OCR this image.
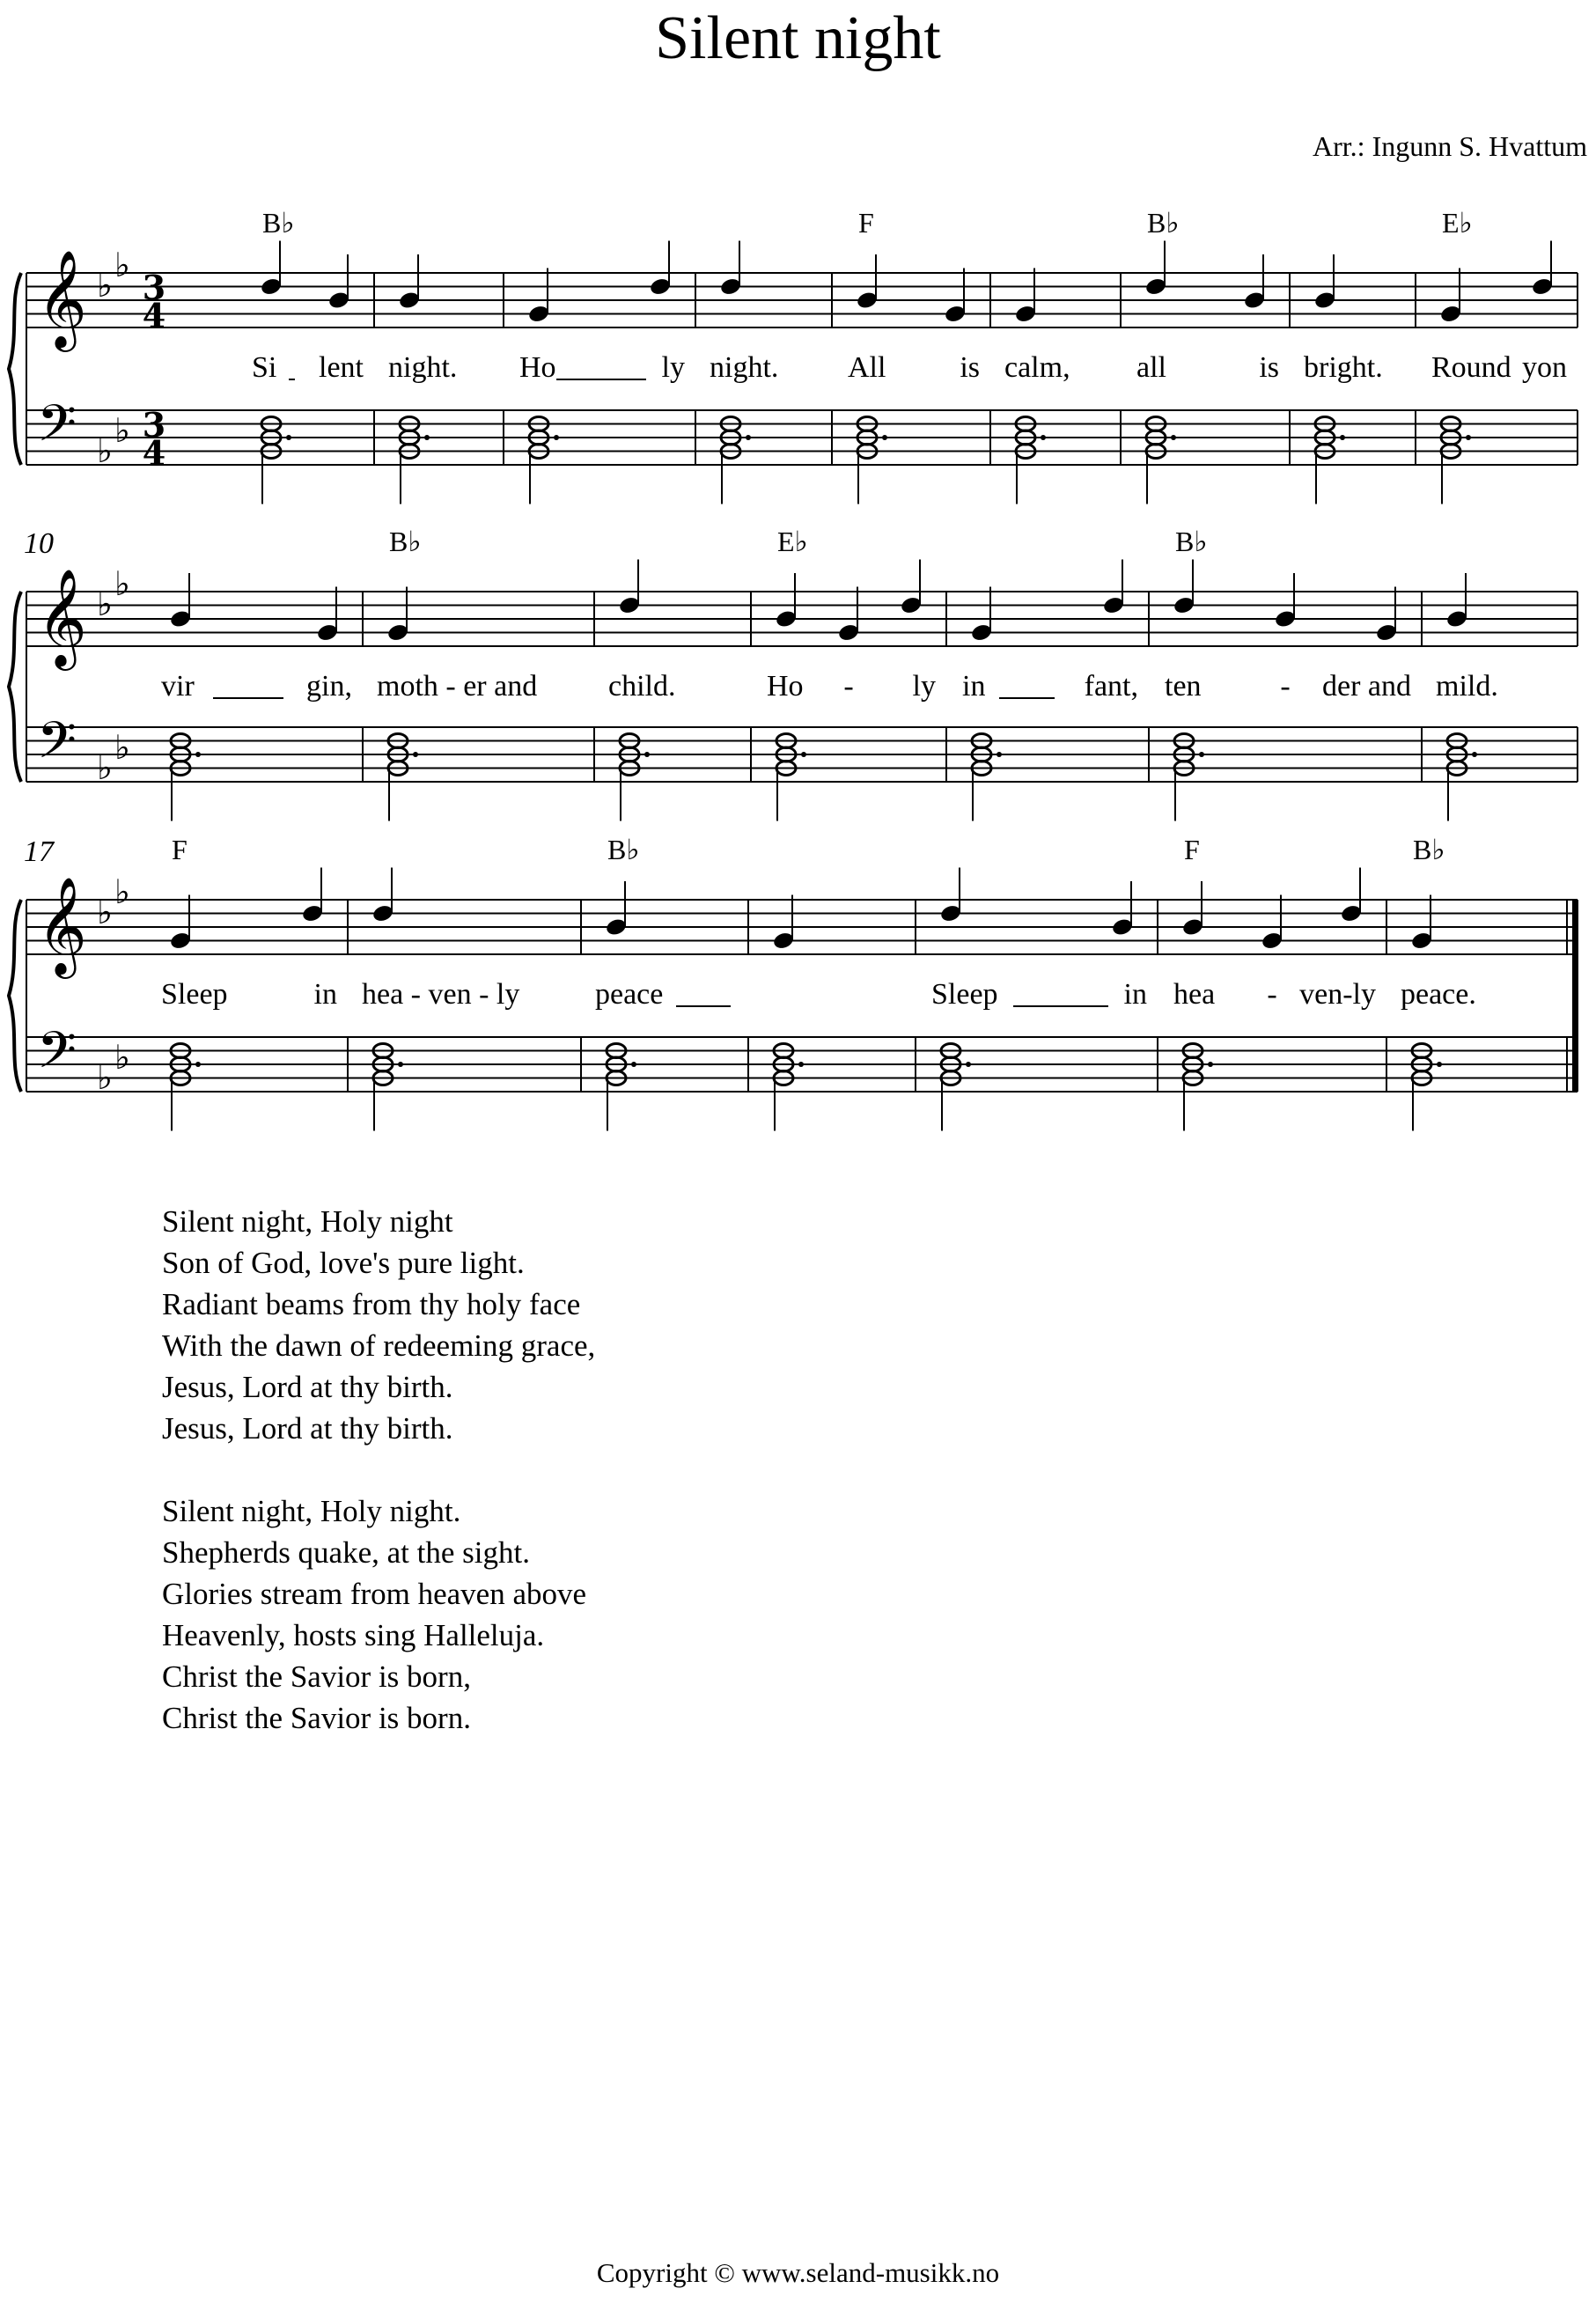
Silent night
Arr.: Ingunn S. Hvattum
𝄞
𝄢
♭
♭
♭
♭
3
4
3
4
B♭
Si lent night. Ho	ly night.
F
All is calm,
B♭
all	is bright.
E♭
Round yon
𝄞
𝄢
♭
♭
♭
♭
10
vir	gin,
B♭
moth - er and child.
E♭
Ho - ly in	fant,
B♭
ten	- der and mild.
𝄞
𝄢
♭
♭
♭
♭
17	F
Sleep	in hea - ven - ly
B♭
peace	Sleep	in
F
hea - ven-ly
B♭
peace.
Silent night, Holy night
Son of God, love's pure light.
Radiant beams from thy holy face
With the dawn of redeeming grace,
Jesus, Lord at thy birth.
Jesus, Lord at thy birth.
Silent night, Holy night.
Shepherds quake, at the sight.
Glories stream from heaven above
Heavenly, hosts sing Halleluja.
Christ the Savior is born,
Christ the Savior is born.
Copyright © www.seland-musikk.no
